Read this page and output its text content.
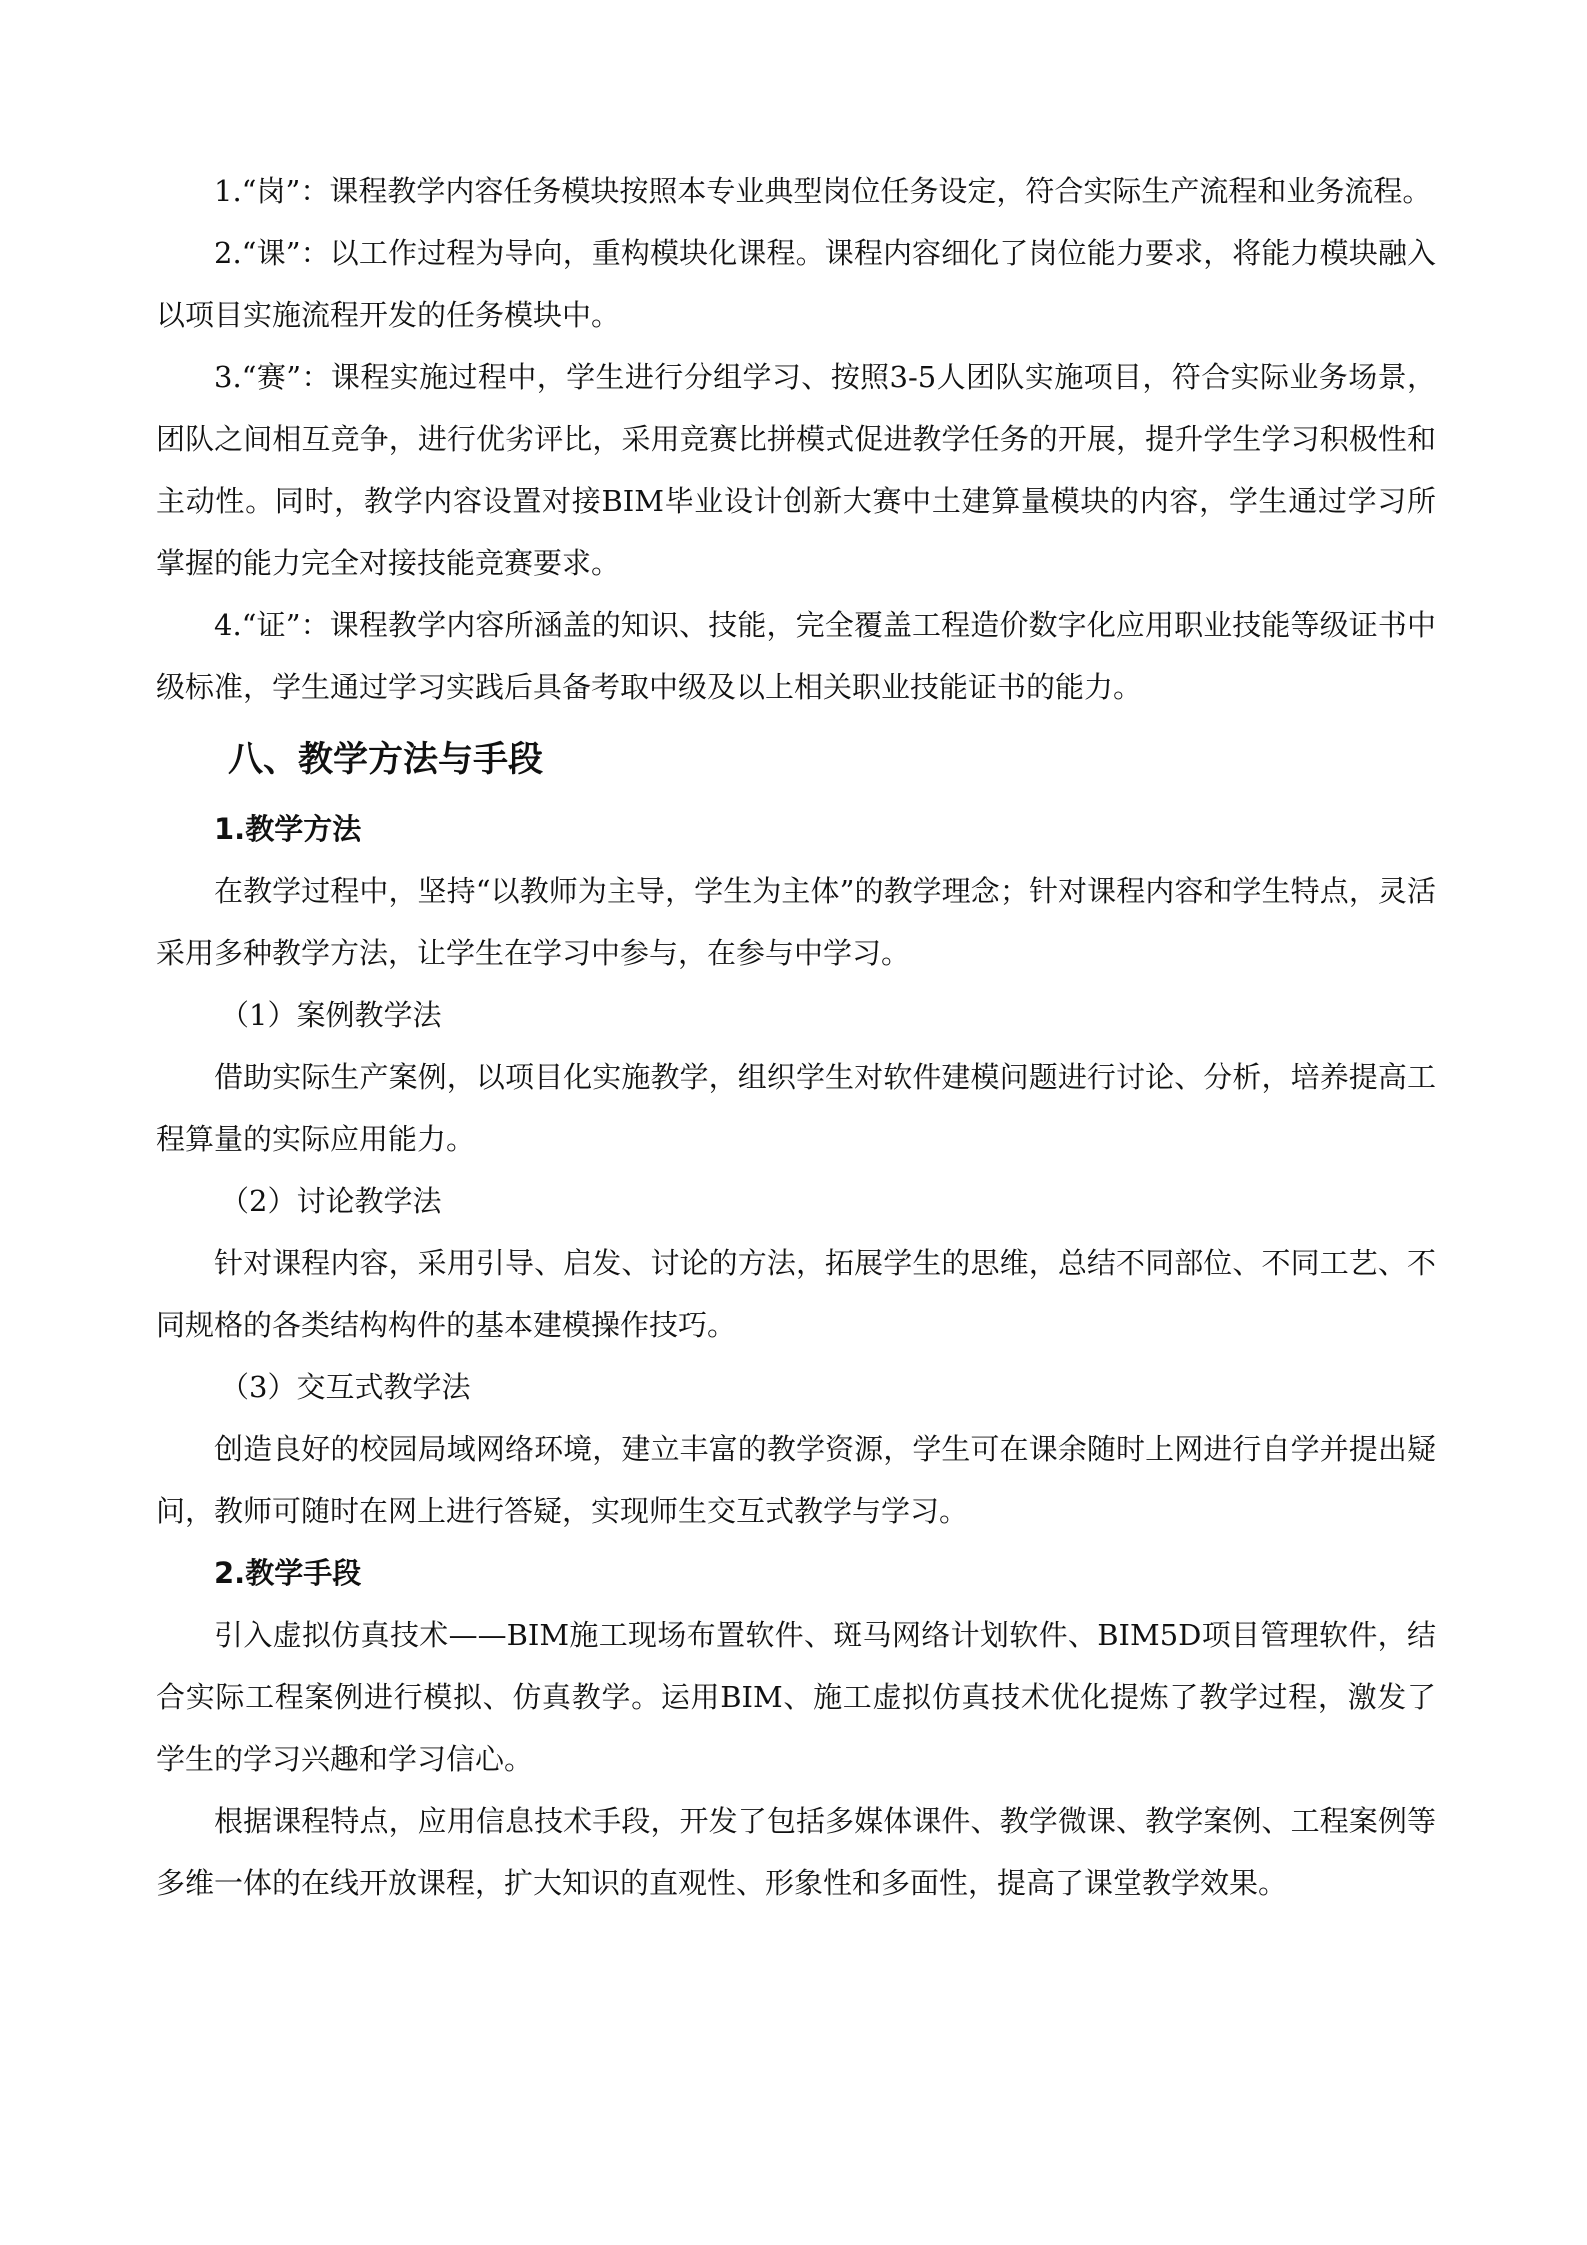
1.“岗”：课程教学内容任务模块按照本专业典型岗位任务设定，符合实际生产流程和业务流程。

2.“课”：以工作过程为导向，重构模块化课程。课程内容细化了岗位能力要求，将能力模块融入以项目实施流程开发的任务模块中。

3.“赛”：课程实施过程中，学生进行分组学习、按照3-5人团队实施项目，符合实际业务场景，团队之间相互竞争，进行优劣评比，采用竞赛比拼模式促进教学任务的开展，提升学生学习积极性和主动性。同时，教学内容设置对接BIM毕业设计创新大赛中土建算量模块的内容，学生通过学习所掌握的能力完全对接技能竞赛要求。

4.“证”：课程教学内容所涵盖的知识、技能，完全覆盖工程造价数字化应用职业技能等级证书中级标准，学生通过学习实践后具备考取中级及以上相关职业技能证书的能力。

八、教学方法与手段
1.教学方法

在教学过程中，坚持“以教师为主导，学生为主体”的教学理念；针对课程内容和学生特点，灵活采用多种教学方法，让学生在学习中参与，在参与中学习。

（1）案例教学法

借助实际生产案例，以项目化实施教学，组织学生对软件建模问题进行讨论、分析，培养提高工程算量的实际应用能力。

（2）讨论教学法

针对课程内容，采用引导、启发、讨论的方法，拓展学生的思维，总结不同部位、不同工艺、不同规格的各类结构构件的基本建模操作技巧。

（3）交互式教学法

创造良好的校园局域网络环境，建立丰富的教学资源，学生可在课余随时上网进行自学并提出疑问，教师可随时在网上进行答疑，实现师生交互式教学与学习。

2.教学手段

引入虚拟仿真技术——BIM施工现场布置软件、斑马网络计划软件、BIM5D项目管理软件，结合实际工程案例进行模拟、仿真教学。运用BIM、施工虚拟仿真技术优化提炼了教学过程，激发了学生的学习兴趣和学习信心。

根据课程特点，应用信息技术手段，开发了包括多媒体课件、教学微课、教学案例、工程案例等多维一体的在线开放课程，扩大知识的直观性、形象性和多面性，提高了课堂教学效果。
